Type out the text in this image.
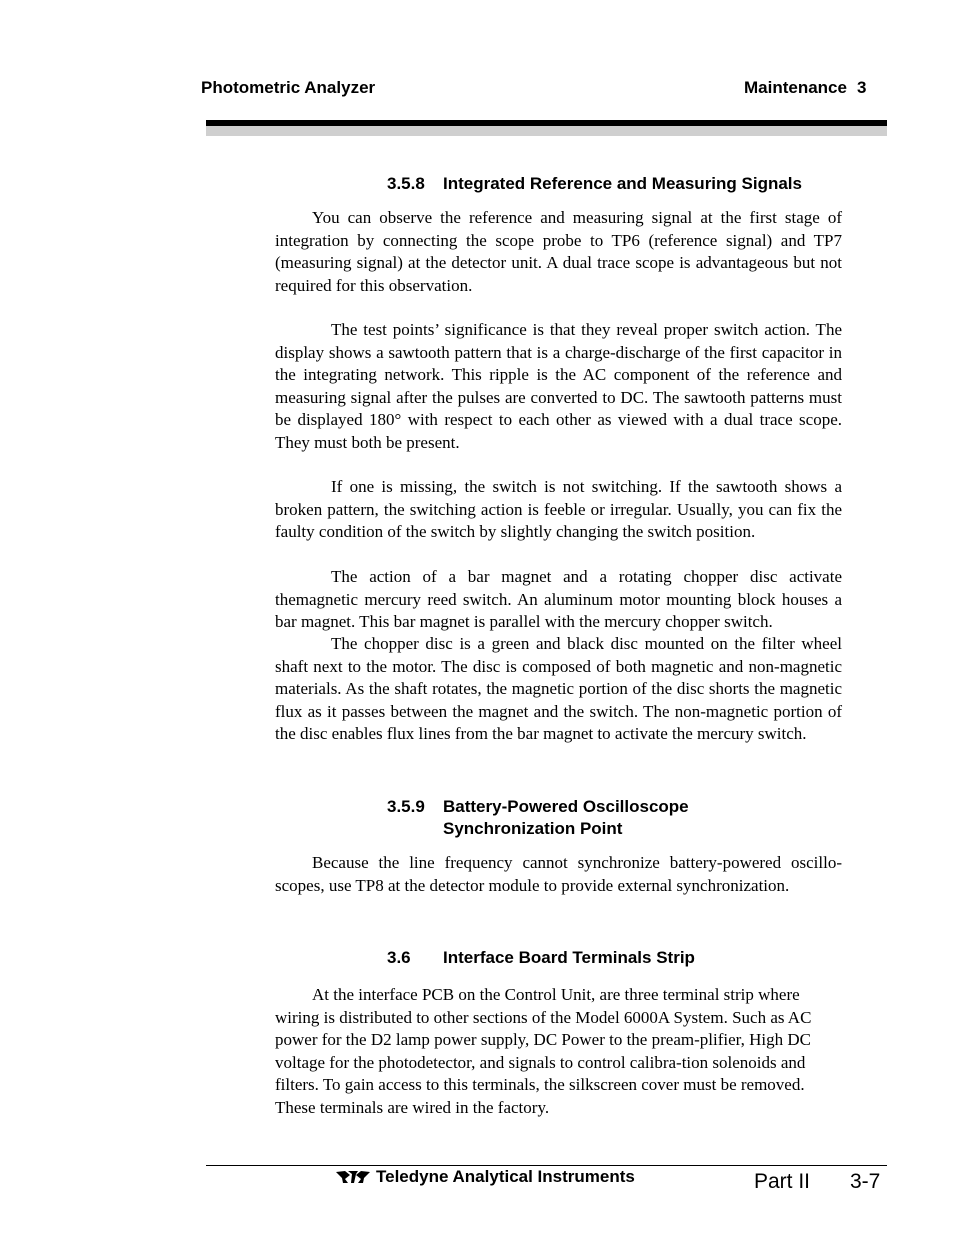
Photometric Analyzer	Maintenance 3
3.5.8 Integrated Reference and Measuring Signals

You can observe the reference and measuring signal at the first stage of integration by connecting the scope probe to TP6 (reference signal) and TP7 (measuring signal) at the detector unit. A dual trace scope is advantageous but not required for this observation.

The test points’ significance is that they reveal proper switch action. The display shows a sawtooth pattern that is a charge-discharge of the first capacitor in the integrating network. This ripple is the AC component of the reference and measuring signal after the pulses are converted to DC. The sawtooth patterns must be displayed 180° with respect to each other as viewed with a dual trace scope. They must both be present.

If one is missing, the switch is not switching. If the sawtooth shows a broken pattern, the switching action is feeble or irregular. Usually, you can fix the faulty condition of the switch by slightly changing the switch position.

The action of a bar magnet and a rotating chopper disc activate themagnetic mercury reed switch. An aluminum motor mounting block houses a bar magnet. This bar magnet is parallel with the mercury chopper switch.

The chopper disc is a green and black disc mounted on the filter wheel shaft next to the motor. The disc is composed of both magnetic and non-magnetic materials. As the shaft rotates, the magnetic portion of the disc shorts the magnetic flux as it passes between the magnet and the switch. The non-magnetic portion of the disc enables flux lines from the bar magnet to activate the mercury switch.

3.5.9 Battery-Powered Oscilloscope
Synchronization Point

Because the line frequency cannot synchronize battery-powered oscillo-scopes, use TP8 at the detector module to provide external synchronization.

3.6 Interface Board Terminals Strip

At the interface PCB on the Control Unit, are three terminal strip where wiring is distributed to other sections of the Model 6000A System. Such as AC power for the D2 lamp power supply, DC Power to the pream-plifier, High DC voltage for the photodetector, and signals to control calibra-tion solenoids and filters. To gain access to this terminals, the silkscreen cover must be removed. These terminals are wired in the factory.

Teledyne Analytical Instruments	Part II 3-7
